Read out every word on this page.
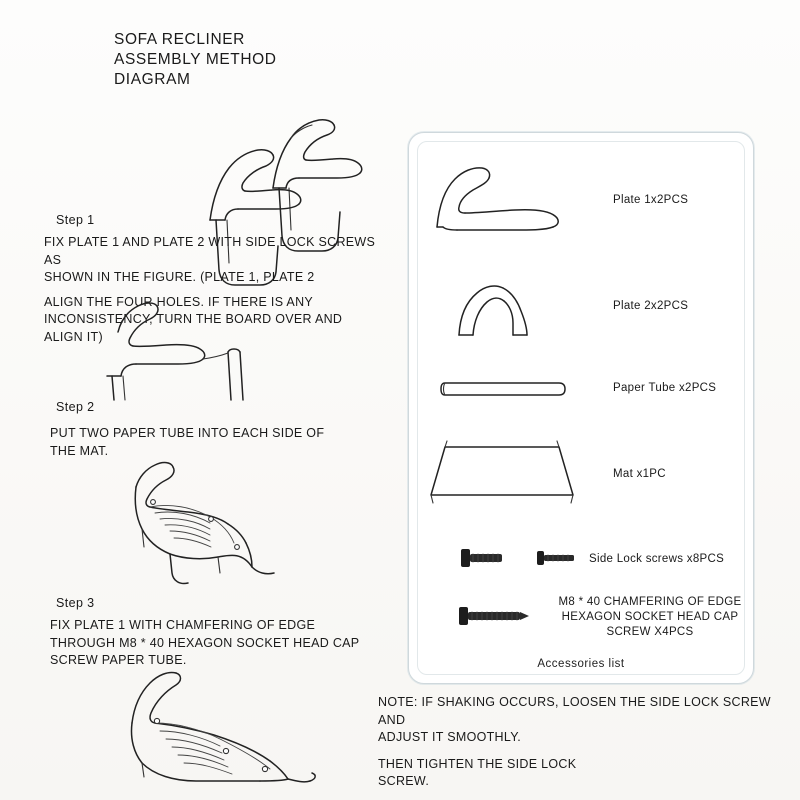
SOFA RECLINER
ASSEMBLY METHOD
DIAGRAM
Step 1
FIX PLATE 1 AND PLATE 2 WITH SIDE LOCK SCREWS AS
SHOWN IN THE FIGURE. (PLATE 1, PLATE 2
ALIGN THE FOUR HOLES. IF THERE IS ANY
INCONSISTENCY, TURN THE BOARD OVER AND
ALIGN IT)
Step 2
PUT TWO PAPER TUBE INTO EACH SIDE OF
THE MAT.
Step 3
FIX PLATE 1 WITH CHAMFERING OF EDGE
THROUGH M8 * 40 HEXAGON SOCKET HEAD CAP
SCREW PAPER TUBE.
Plate 1x2PCS
Plate 2x2PCS
Paper Tube x2PCS
Mat x1PC
Side Lock screws x8PCS
M8 * 40 CHAMFERING OF EDGE
HEXAGON SOCKET HEAD CAP
SCREW X4PCS
Accessories list
NOTE: IF SHAKING OCCURS, LOOSEN THE SIDE LOCK SCREW AND
ADJUST IT SMOOTHLY.
THEN TIGHTEN THE SIDE LOCK
SCREW.
